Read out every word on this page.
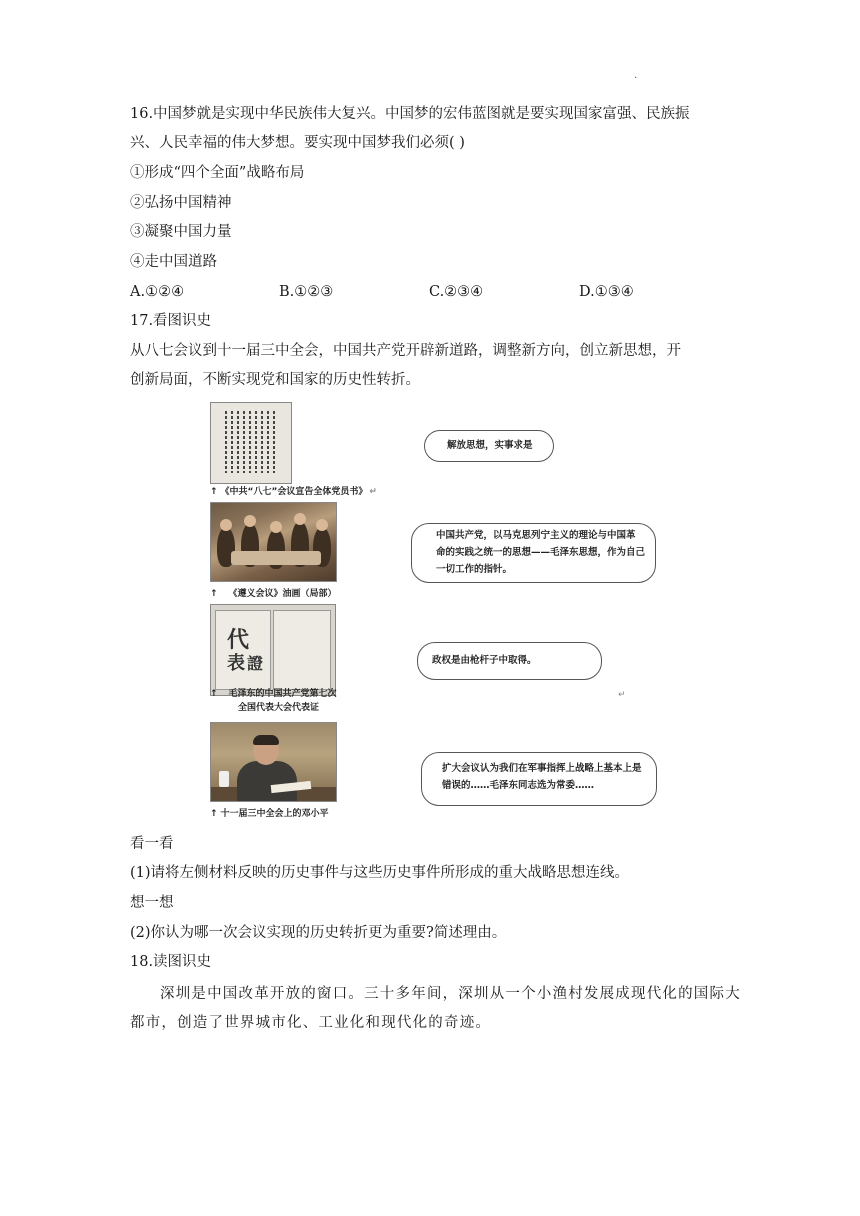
.
16.中国梦就是实现中华民族伟大复兴。中国梦的宏伟蓝图就是要实现国家富强、民族振
兴、人民幸福的伟大梦想。要实现中国梦我们必须( )
①形成“四个全面”战略布局
②弘扬中国精神
③凝聚中国力量
④走中国道路
A.①②④	B.①②③	C.②③④	D.①③④
17.看图识史
从八七会议到十一届三中全会，中国共产党开辟新道路，调整新方向，创立新思想，开
创新局面，不断实现党和国家的历史性转折。
↑ 《中共“八七”会议宣告全体党员书》 ↵
↑ 《遵义会议》油画（局部）
代
表 證
↑ 毛泽东的中国共产党第七次
全国代表大会代表证
↑ 十一届三中全会上的邓小平
解放思想，实事求是
中国共产党，以马克思列宁主义的理论与中国革
命的实践之统一的思想——毛泽东思想，作为自己
一切工作的指针。
政权是由枪杆子中取得。
↵
扩大会议认为我们在军事指挥上战略上基本上是
错误的……毛泽东同志选为常委……
看一看
(1)请将左侧材料反映的历史事件与这些历史事件所形成的重大战略思想连线。
想一想
(2)你认为哪一次会议实现的历史转折更为重要?简述理由。
18.读图识史
深圳是中国改革开放的窗口。三十多年间，深圳从一个小渔村发展成现代化的国际大
都市，创造了世界城市化、工业化和现代化的奇迹。
